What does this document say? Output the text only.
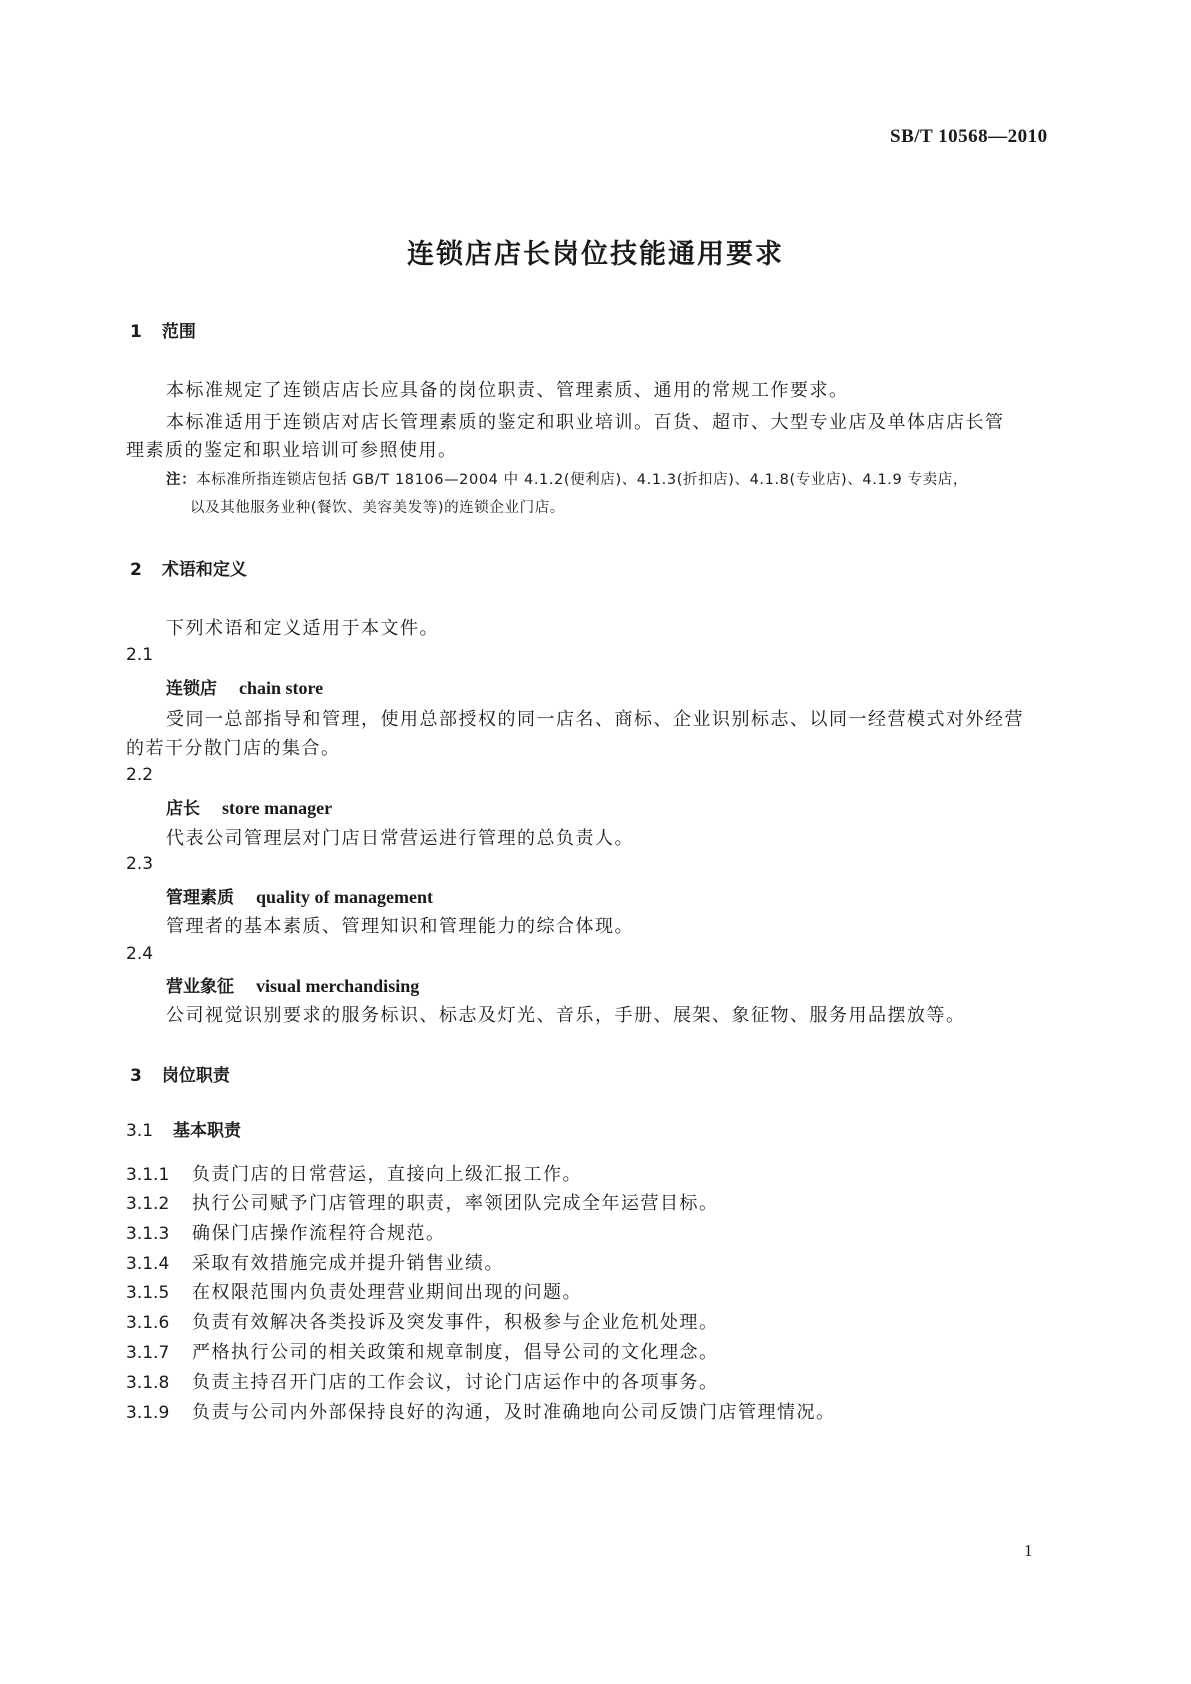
SB/T 10568—2010
连锁店店长岗位技能通用要求
1 范围
本标准规定了连锁店店长应具备的岗位职责、管理素质、通用的常规工作要求。
本标准适用于连锁店对店长管理素质的鉴定和职业培训。百货、超市、大型专业店及单体店店长管
理素质的鉴定和职业培训可参照使用。
注：本标准所指连锁店包括 GB/T 18106—2004 中 4.1.2(便利店)、4.1.3(折扣店)、4.1.8(专业店)、4.1.9 专卖店，
以及其他服务业种(餐饮、美容美发等)的连锁企业门店。
2 术语和定义
下列术语和定义适用于本文件。
2.1
连锁店 chain store
受同一总部指导和管理，使用总部授权的同一店名、商标、企业识别标志、以同一经营模式对外经营
的若干分散门店的集合。
2.2
店长 store manager
代表公司管理层对门店日常营运进行管理的总负责人。
2.3
管理素质 quality of management
管理者的基本素质、管理知识和管理能力的综合体现。
2.4
营业象征 visual merchandising
公司视觉识别要求的服务标识、标志及灯光、音乐，手册、展架、象征物、服务用品摆放等。
3 岗位职责
3.1 基本职责
3.1.1 负责门店的日常营运，直接向上级汇报工作。
3.1.2 执行公司赋予门店管理的职责，率领团队完成全年运营目标。
3.1.3 确保门店操作流程符合规范。
3.1.4 采取有效措施完成并提升销售业绩。
3.1.5 在权限范围内负责处理营业期间出现的问题。
3.1.6 负责有效解决各类投诉及突发事件，积极参与企业危机处理。
3.1.7 严格执行公司的相关政策和规章制度，倡导公司的文化理念。
3.1.8 负责主持召开门店的工作会议，讨论门店运作中的各项事务。
3.1.9 负责与公司内外部保持良好的沟通，及时准确地向公司反馈门店管理情况。
1
